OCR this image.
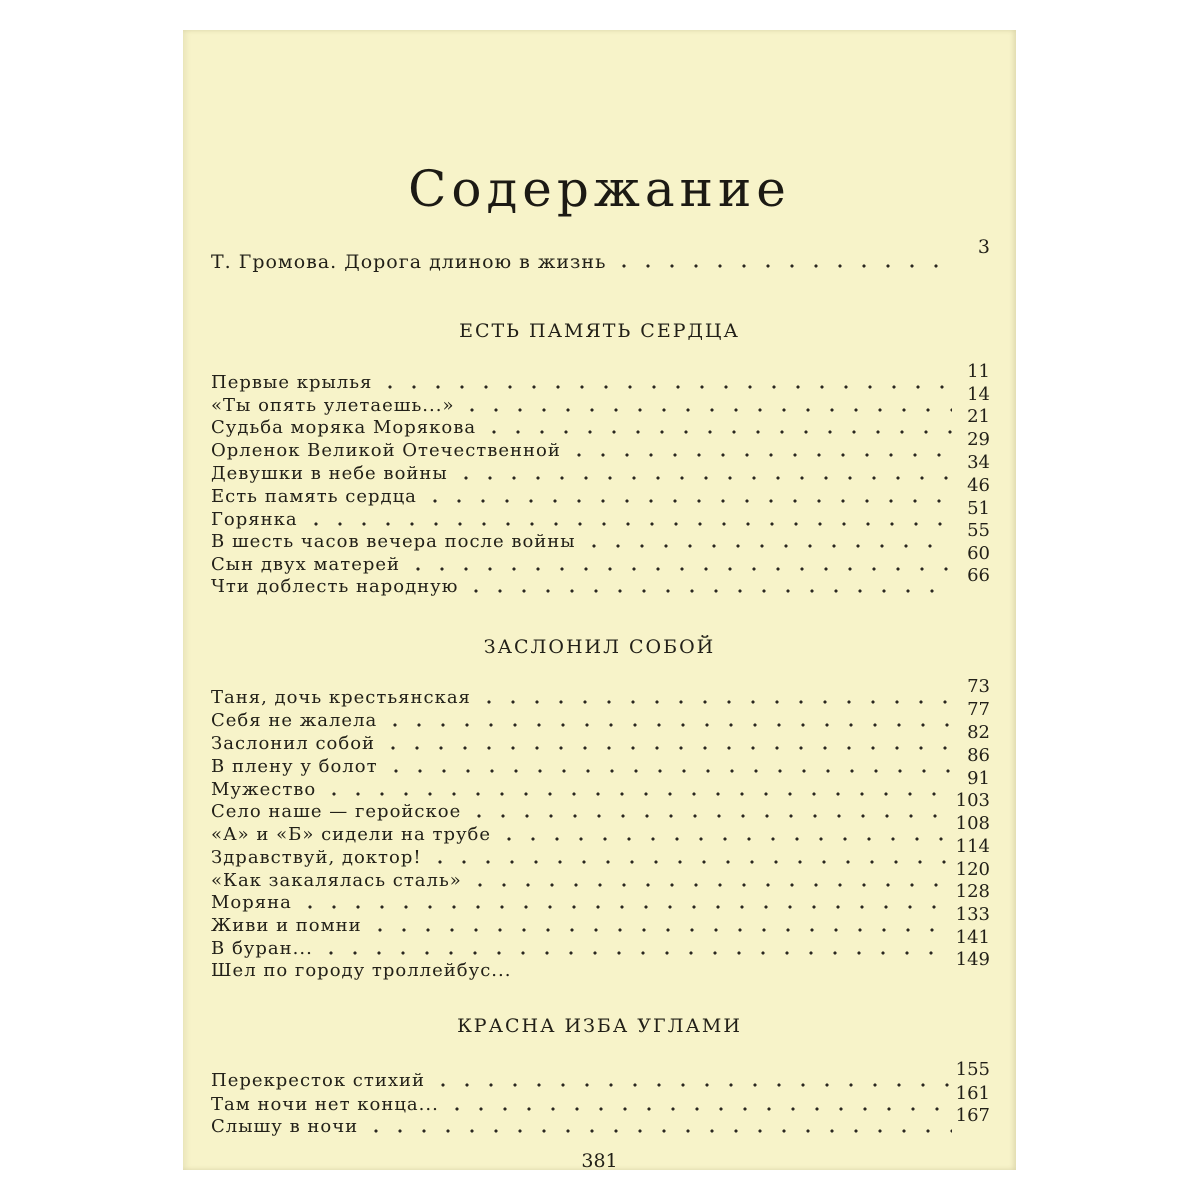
Содержание
Т. Громова. Дорога длиною в жизнь
3
ЕСТЬ ПАМЯТЬ СЕРДЦА
Первые крылья
11
«Ты опять улетаешь...»
14
Судьба моряка Морякова
21
Орленок Великой Отечественной
29
Девушки в небе войны
34
Есть память сердца
46
Горянка
51
В шесть часов вечера после войны
55
Сын двух матерей
60
Чти доблесть народную
66
ЗАСЛОНИЛ СОБОЙ
Таня, дочь крестьянская
73
Себя не жалела
77
Заслонил собой
82
В плену у болот
86
Мужество
91
Село наше — геройское
103
«А» и «Б» сидели на трубе
108
Здравствуй, доктор!
114
«Как закалялась сталь»
120
Моряна
128
Живи и помни
133
В буран...
141
Шел по городу троллейбус...
149
КРАСНА ИЗБА УГЛАМИ
Перекресток стихий
155
Там ночи нет конца...
161
Слышу в ночи
167
381
